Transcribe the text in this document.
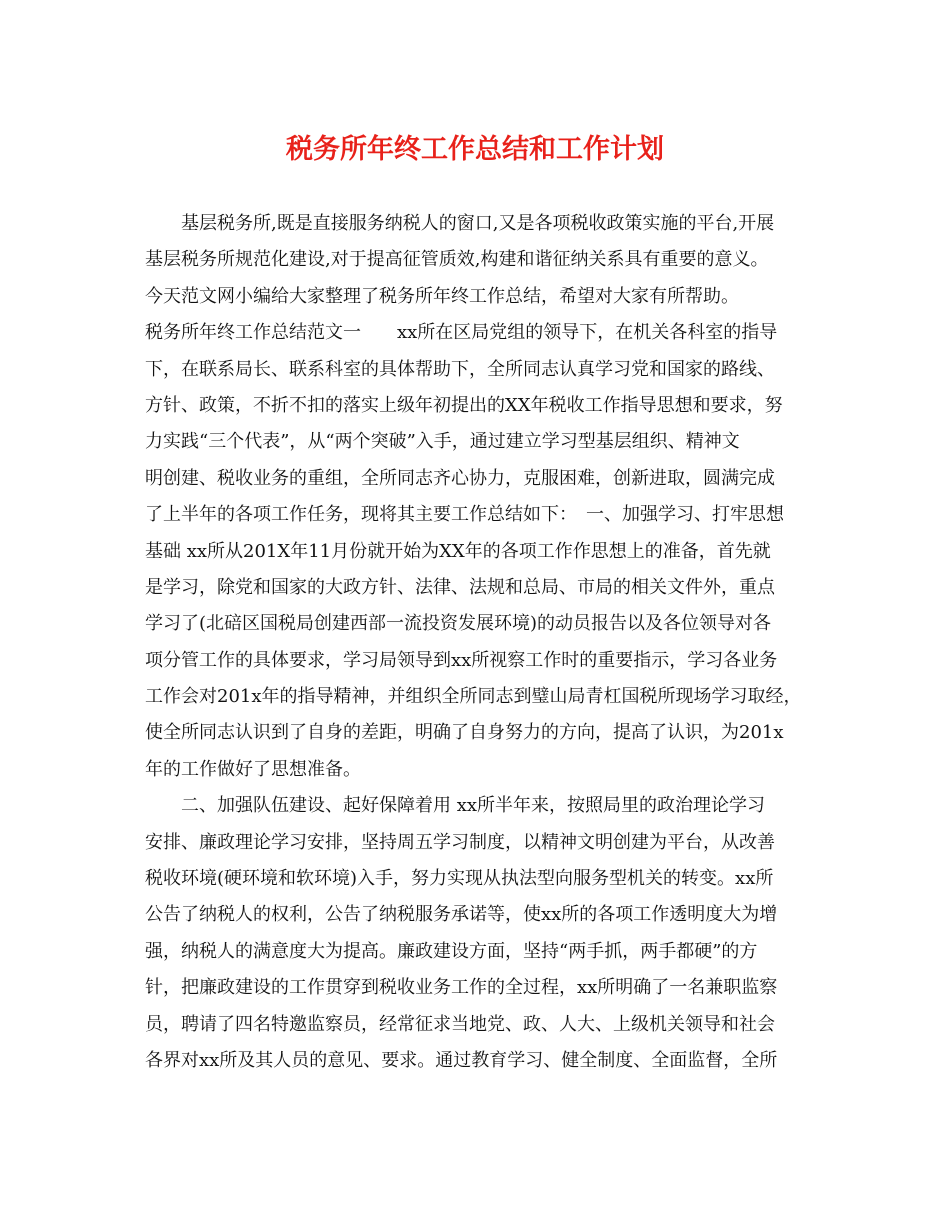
税务所年终工作总结和工作计划
基层税务所,既是直接服务纳税人的窗口,又是各项税收政策实施的平台,开展
基层税务所规范化建设,对于提高征管质效,构建和谐征纳关系具有重要的意义。
今天范文网小编给大家整理了税务所年终工作总结，希望对大家有所帮助。
税务所年终工作总结范文一　　xx所在区局党组的领导下，在机关各科室的指导
下，在联系局长、联系科室的具体帮助下，全所同志认真学习党和国家的路线、
方针、政策，不折不扣的落实上级年初提出的XX年税收工作指导思想和要求，努
力实践“三个代表”，从“两个突破”入手，通过建立学习型基层组织、精神文
明创建、税收业务的重组，全所同志齐心协力，克服困难，创新进取，圆满完成
了上半年的各项工作任务，现将其主要工作总结如下：　一、加强学习、打牢思想
基础 xx所从201X年11月份就开始为XX年的各项工作作思想上的准备，首先就
是学习，除党和国家的大政方针、法律、法规和总局、市局的相关文件外，重点
学习了(北碚区国税局创建西部一流投资发展环境)的动员报告以及各位领导对各
项分管工作的具体要求，学习局领导到xx所视察工作时的重要指示，学习各业务
工作会对201x年的指导精神，并组织全所同志到璧山局青杠国税所现场学习取经，
使全所同志认识到了自身的差距，明确了自身努力的方向，提高了认识，为201x
年的工作做好了思想准备。
二、加强队伍建设、起好保障着用 xx所半年来，按照局里的政治理论学习
安排、廉政理论学习安排，坚持周五学习制度，以精神文明创建为平台，从改善
税收环境(硬环境和软环境)入手，努力实现从执法型向服务型机关的转变。xx所
公告了纳税人的权利，公告了纳税服务承诺等，使xx所的各项工作透明度大为增
强，纳税人的满意度大为提高。廉政建设方面，坚持“两手抓，两手都硬”的方
针，把廉政建设的工作贯穿到税收业务工作的全过程，xx所明确了一名兼职监察
员，聘请了四名特邀监察员，经常征求当地党、政、人大、上级机关领导和社会
各界对xx所及其人员的意见、要求。通过教育学习、健全制度、全面监督，全所
